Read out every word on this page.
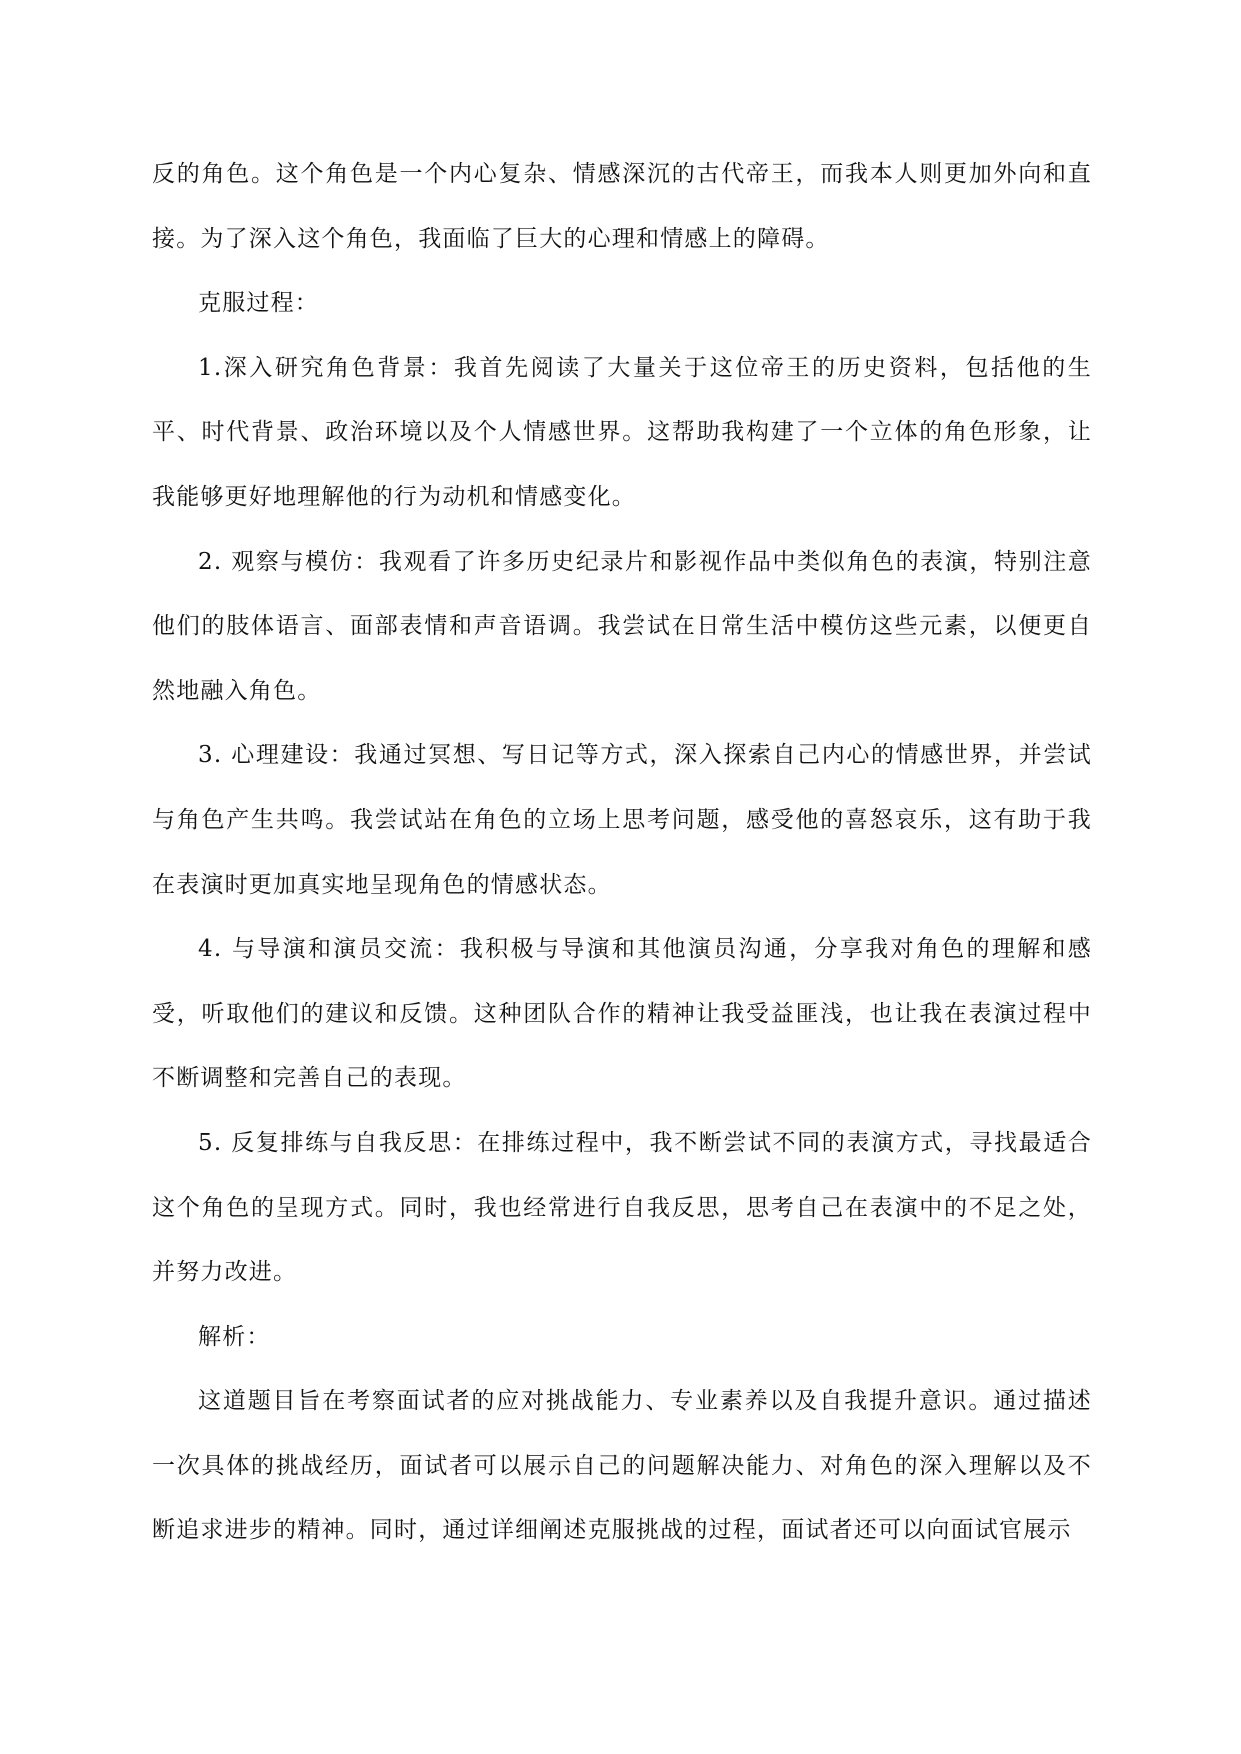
反的角色。这个角色是一个内心复杂、情感深沉的古代帝王，而我本人则更加外向和直接。为了深入这个角色，我面临了巨大的心理和情感上的障碍。

克服过程：

1.深入研究角色背景：我首先阅读了大量关于这位帝王的历史资料，包括他的生平、时代背景、政治环境以及个人情感世界。这帮助我构建了一个立体的角色形象，让我能够更好地理解他的行为动机和情感变化。

2. 观察与模仿：我观看了许多历史纪录片和影视作品中类似角色的表演，特别注意他们的肢体语言、面部表情和声音语调。我尝试在日常生活中模仿这些元素，以便更自然地融入角色。

3. 心理建设：我通过冥想、写日记等方式，深入探索自己内心的情感世界，并尝试与角色产生共鸣。我尝试站在角色的立场上思考问题，感受他的喜怒哀乐，这有助于我在表演时更加真实地呈现角色的情感状态。

4. 与导演和演员交流：我积极与导演和其他演员沟通，分享我对角色的理解和感受，听取他们的建议和反馈。这种团队合作的精神让我受益匪浅，也让我在表演过程中不断调整和完善自己的表现。

5. 反复排练与自我反思：在排练过程中，我不断尝试不同的表演方式，寻找最适合这个角色的呈现方式。同时，我也经常进行自我反思，思考自己在表演中的不足之处，并努力改进。

解析：

这道题目旨在考察面试者的应对挑战能力、专业素养以及自我提升意识。通过描述一次具体的挑战经历，面试者可以展示自己的问题解决能力、对角色的深入理解以及不断追求进步的精神。同时，通过详细阐述克服挑战的过程，面试者还可以向面试官展示
